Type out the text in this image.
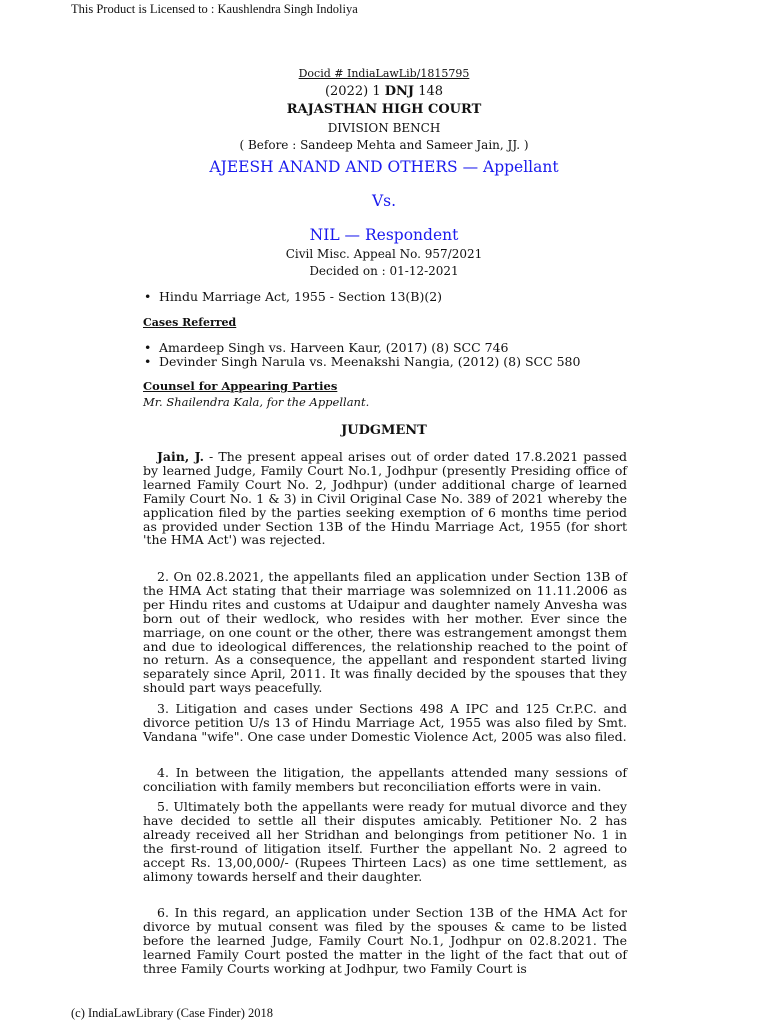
This Product is Licensed to : Kaushlendra Singh Indoliya
Docid # IndiaLawLib/1815795
(2022) 1 DNJ 148
RAJASTHAN HIGH COURT
DIVISION BENCH
( Before : Sandeep Mehta and Sameer Jain, JJ. )
AJEESH ANAND AND OTHERS — Appellant
Vs.
NIL — Respondent
Civil Misc. Appeal No. 957/2021
Decided on : 01-12-2021
• Hindu Marriage Act, 1955 - Section 13(B)(2)
Cases Referred
• Amardeep Singh vs. Harveen Kaur, (2017) (8) SCC 746
• Devinder Singh Narula vs. Meenakshi Nangia, (2012) (8) SCC 580
Counsel for Appearing Parties
Mr. Shailendra Kala, for the Appellant.
JUDGMENT

Jain, J. - The present appeal arises out of order dated 17.8.2021 passed by learned Judge, Family Court No.1, Jodhpur (presently Presiding office of learned Family Court No. 2, Jodhpur) (under additional charge of learned Family Court No. 1 & 3) in Civil Original Case No. 389 of 2021 whereby the application filed by the parties seeking exemption of 6 months time period as provided under Section 13B of the Hindu Marriage Act, 1955 (for short 'the HMA Act') was rejected.

2. On 02.8.2021, the appellants filed an application under Section 13B of the HMA Act stating that their marriage was solemnized on 11.11.2006 as per Hindu rites and customs at Udaipur and daughter namely Anvesha was born out of their wedlock, who resides with her mother. Ever since the marriage, on one count or the other, there was estrangement amongst them and due to ideological differences, the relationship reached to the point of no return. As a consequence, the appellant and respondent started living separately since April, 2011. It was finally decided by the spouses that they should part ways peacefully.

3. Litigation and cases under Sections 498 A IPC and 125 Cr.P.C. and divorce petition U/s 13 of Hindu Marriage Act, 1955 was also filed by Smt. Vandana "wife". One case under Domestic Violence Act, 2005 was also filed.

4. In between the litigation, the appellants attended many sessions of conciliation with family members but reconciliation efforts were in vain.

5. Ultimately both the appellants were ready for mutual divorce and they have decided to settle all their disputes amicably. Petitioner No. 2 has already received all her Stridhan and belongings from petitioner No. 1 in the first-round of litigation itself. Further the appellant No. 2 agreed to accept Rs. 13,00,000/- (Rupees Thirteen Lacs) as one time settlement, as alimony towards herself and their daughter.

6. In this regard, an application under Section 13B of the HMA Act for divorce by mutual consent was filed by the spouses & came to be listed before the learned Judge, Family Court No.1, Jodhpur on 02.8.2021. The learned Family Court posted the matter in the light of the fact that out of three Family Courts working at Jodhpur, two Family Court is

(c) IndiaLawLibrary (Case Finder) 2018
